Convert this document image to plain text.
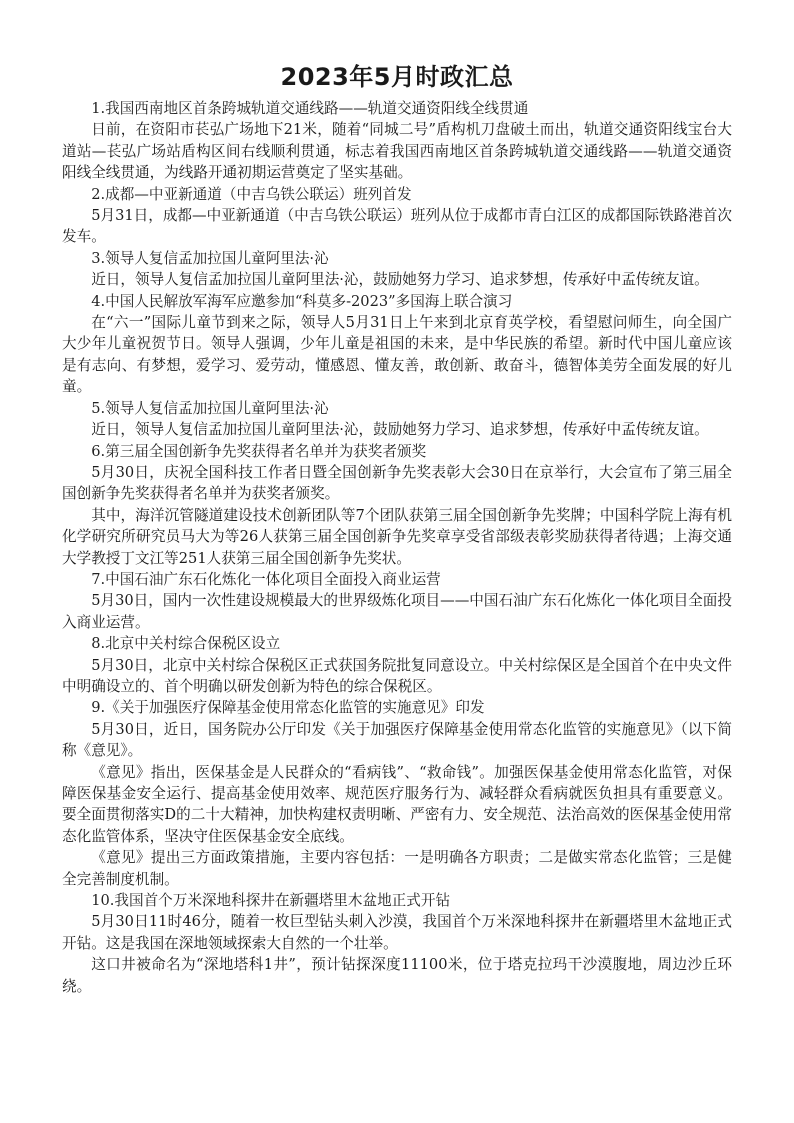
2023年5月时政汇总

1.我国西南地区首条跨城轨道交通线路——轨道交通资阳线全线贯通

日前，在资阳市苌弘广场地下21米，随着“同城二号”盾构机刀盘破土而出，轨道交通资阳线宝台大道站—苌弘广场站盾构区间右线顺利贯通，标志着我国西南地区首条跨城轨道交通线路——轨道交通资阳线全线贯通，为线路开通初期运营奠定了坚实基础。

2.成都—中亚新通道（中吉乌铁公联运）班列首发

5月31日，成都—中亚新通道（中吉乌铁公联运）班列从位于成都市青白江区的成都国际铁路港首次发车。

3.领导人复信孟加拉国儿童阿里法·沁

近日，领导人复信孟加拉国儿童阿里法·沁，鼓励她努力学习、追求梦想，传承好中孟传统友谊。

4.中国人民解放军海军应邀参加“科莫多-2023”多国海上联合演习

在“六一”国际儿童节到来之际，领导人5月31日上午来到北京育英学校，看望慰问师生，向全国广大少年儿童祝贺节日。领导人强调，少年儿童是祖国的未来，是中华民族的希望。新时代中国儿童应该是有志向、有梦想，爱学习、爱劳动，懂感恩、懂友善，敢创新、敢奋斗，德智体美劳全面发展的好儿童。

5.领导人复信孟加拉国儿童阿里法·沁

近日，领导人复信孟加拉国儿童阿里法·沁，鼓励她努力学习、追求梦想，传承好中孟传统友谊。

6.第三届全国创新争先奖获得者名单并为获奖者颁奖

5月30日，庆祝全国科技工作者日暨全国创新争先奖表彰大会30日在京举行，大会宣布了第三届全国创新争先奖获得者名单并为获奖者颁奖。

其中，海洋沉管隧道建设技术创新团队等7个团队获第三届全国创新争先奖牌；中国科学院上海有机化学研究所研究员马大为等26人获第三届全国创新争先奖章享受省部级表彰奖励获得者待遇；上海交通大学教授丁文江等251人获第三届全国创新争先奖状。

7.中国石油广东石化炼化一体化项目全面投入商业运营

5月30日，国内一次性建设规模最大的世界级炼化项目——中国石油广东石化炼化一体化项目全面投入商业运营。

8.北京中关村综合保税区设立

5月30日，北京中关村综合保税区正式获国务院批复同意设立。中关村综保区是全国首个在中央文件中明确设立的、首个明确以研发创新为特色的综合保税区。

9.《关于加强医疗保障基金使用常态化监管的实施意见》印发

5月30日，近日，国务院办公厅印发《关于加强医疗保障基金使用常态化监管的实施意见》（以下简称《意见》。

《意见》指出，医保基金是人民群众的“看病钱”、“救命钱”。加强医保基金使用常态化监管，对保障医保基金安全运行、提高基金使用效率、规范医疗服务行为、减轻群众看病就医负担具有重要意义。要全面贯彻落实D的二十大精神，加快构建权责明晰、严密有力、安全规范、法治高效的医保基金使用常态化监管体系，坚决守住医保基金安全底线。

《意见》提出三方面政策措施，主要内容包括：一是明确各方职责；二是做实常态化监管；三是健全完善制度机制。

10.我国首个万米深地科探井在新疆塔里木盆地正式开钻

5月30日11时46分，随着一枚巨型钻头刺入沙漠，我国首个万米深地科探井在新疆塔里木盆地正式开钻。这是我国在深地领域探索大自然的一个壮举。

这口井被命名为“深地塔科1井”，预计钻探深度11100米，位于塔克拉玛干沙漠腹地，周边沙丘环绕。
